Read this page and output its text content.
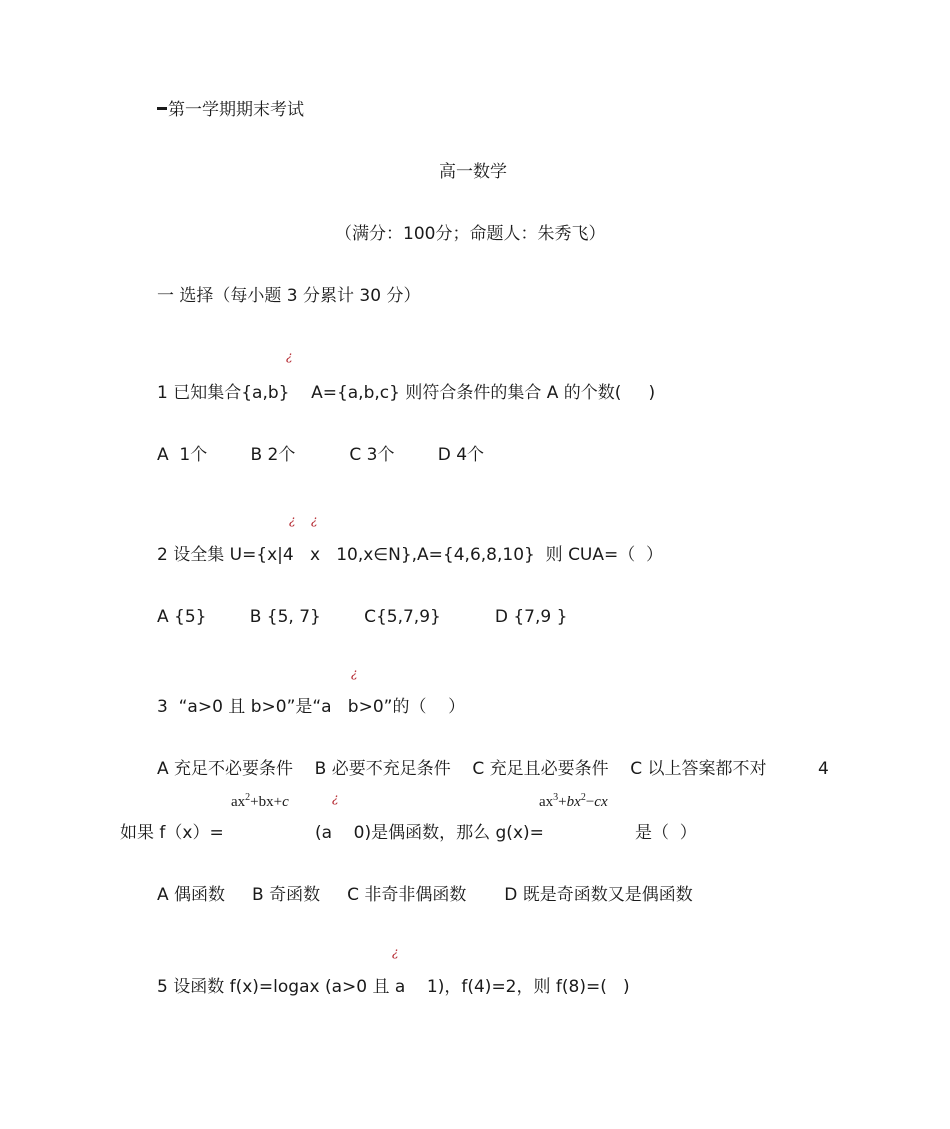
第一学期期末考试
高一数学
（满分：100分；命题人：朱秀飞）
一 选择（每小题 3 分累计 30 分）
¿
1 已知集合{a,b}    A={a,b,c} 则符合条件的集合 A 的个数(     )
A  1个        B 2个          C 3个        D 4个
¿ ¿
2 设全集 U={x|4   x   10,x∈N},A={4,6,8,10}  则 CUA=（  ）
A {5}        B {5, 7}        C{5,7,9}          D {7,9 }
¿
3  “a>0 且 b>0”是“a   b>0”的（    ）
A 充足不必要条件    B 必要不充足条件    C 充足且必要条件    C 以上答案都不对	4
$ax^2+bx+c$	¿	$ax^3+bx^2-cx$
如果 f（x）=	(a    0)是偶函数，那么 g(x)=	是（  ）
A 偶函数     B 奇函数     C 非奇非偶函数       D 既是奇函数又是偶函数
¿
5 设函数 f(x)=logax (a>0 且 a    1)，f(4)=2，则 f(8)=(   )
